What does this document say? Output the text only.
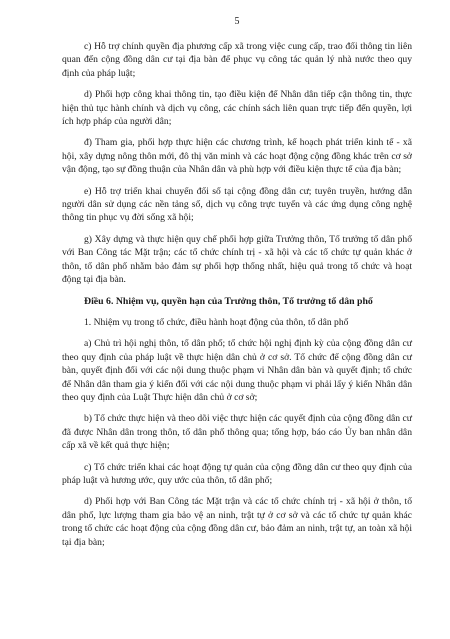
5

c) Hỗ trợ chính quyền địa phương cấp xã trong việc cung cấp, trao đổi thông tin liên quan đến cộng đồng dân cư tại địa bàn để phục vụ công tác quản lý nhà nước theo quy định của pháp luật;

d) Phối hợp công khai thông tin, tạo điều kiện để Nhân dân tiếp cận thông tin, thực hiện thủ tục hành chính và dịch vụ công, các chính sách liên quan trực tiếp đến quyền, lợi ích hợp pháp của người dân;

đ) Tham gia, phối hợp thực hiện các chương trình, kế hoạch phát triển kinh tế - xã hội, xây dựng nông thôn mới, đô thị văn minh và các hoạt động cộng đồng khác trên cơ sở vận động, tạo sự đồng thuận của Nhân dân và phù hợp với điều kiện thực tế của địa bàn;

e) Hỗ trợ triển khai chuyển đổi số tại cộng đồng dân cư; tuyên truyền, hướng dẫn người dân sử dụng các nền tảng số, dịch vụ công trực tuyến và các ứng dụng công nghệ thông tin phục vụ đời sống xã hội;

g) Xây dựng và thực hiện quy chế phối hợp giữa Trưởng thôn, Tổ trưởng tổ dân phố với Ban Công tác Mặt trận; các tổ chức chính trị - xã hội và các tổ chức tự quản khác ở thôn, tổ dân phố nhằm bảo đảm sự phối hợp thống nhất, hiệu quả trong tổ chức và hoạt động tại địa bàn.

Điều 6. Nhiệm vụ, quyền hạn của Trưởng thôn, Tổ trưởng tổ dân phố

1. Nhiệm vụ trong tổ chức, điều hành hoạt động của thôn, tổ dân phố

a) Chủ trì hội nghị thôn, tổ dân phố; tổ chức hội nghị định kỳ của cộng đồng dân cư theo quy định của pháp luật về thực hiện dân chủ ở cơ sở. Tổ chức để cộng đồng dân cư bàn, quyết định đối với các nội dung thuộc phạm vi Nhân dân bàn và quyết định; tổ chức để Nhân dân tham gia ý kiến đối với các nội dung thuộc phạm vi phải lấy ý kiến Nhân dân theo quy định của Luật Thực hiện dân chủ ở cơ sở;

b) Tổ chức thực hiện và theo dõi việc thực hiện các quyết định của cộng đồng dân cư đã được Nhân dân trong thôn, tổ dân phố thông qua; tổng hợp, báo cáo Ủy ban nhân dân cấp xã về kết quả thực hiện;

c) Tổ chức triển khai các hoạt động tự quản của cộng đồng dân cư theo quy định của pháp luật và hương ước, quy ước của thôn, tổ dân phố;

d) Phối hợp với Ban Công tác Mặt trận và các tổ chức chính trị - xã hội ở thôn, tổ dân phố, lực lượng tham gia bảo vệ an ninh, trật tự ở cơ sở và các tổ chức tự quản khác trong tổ chức các hoạt động của cộng đồng dân cư, bảo đảm an ninh, trật tự, an toàn xã hội tại địa bàn;
